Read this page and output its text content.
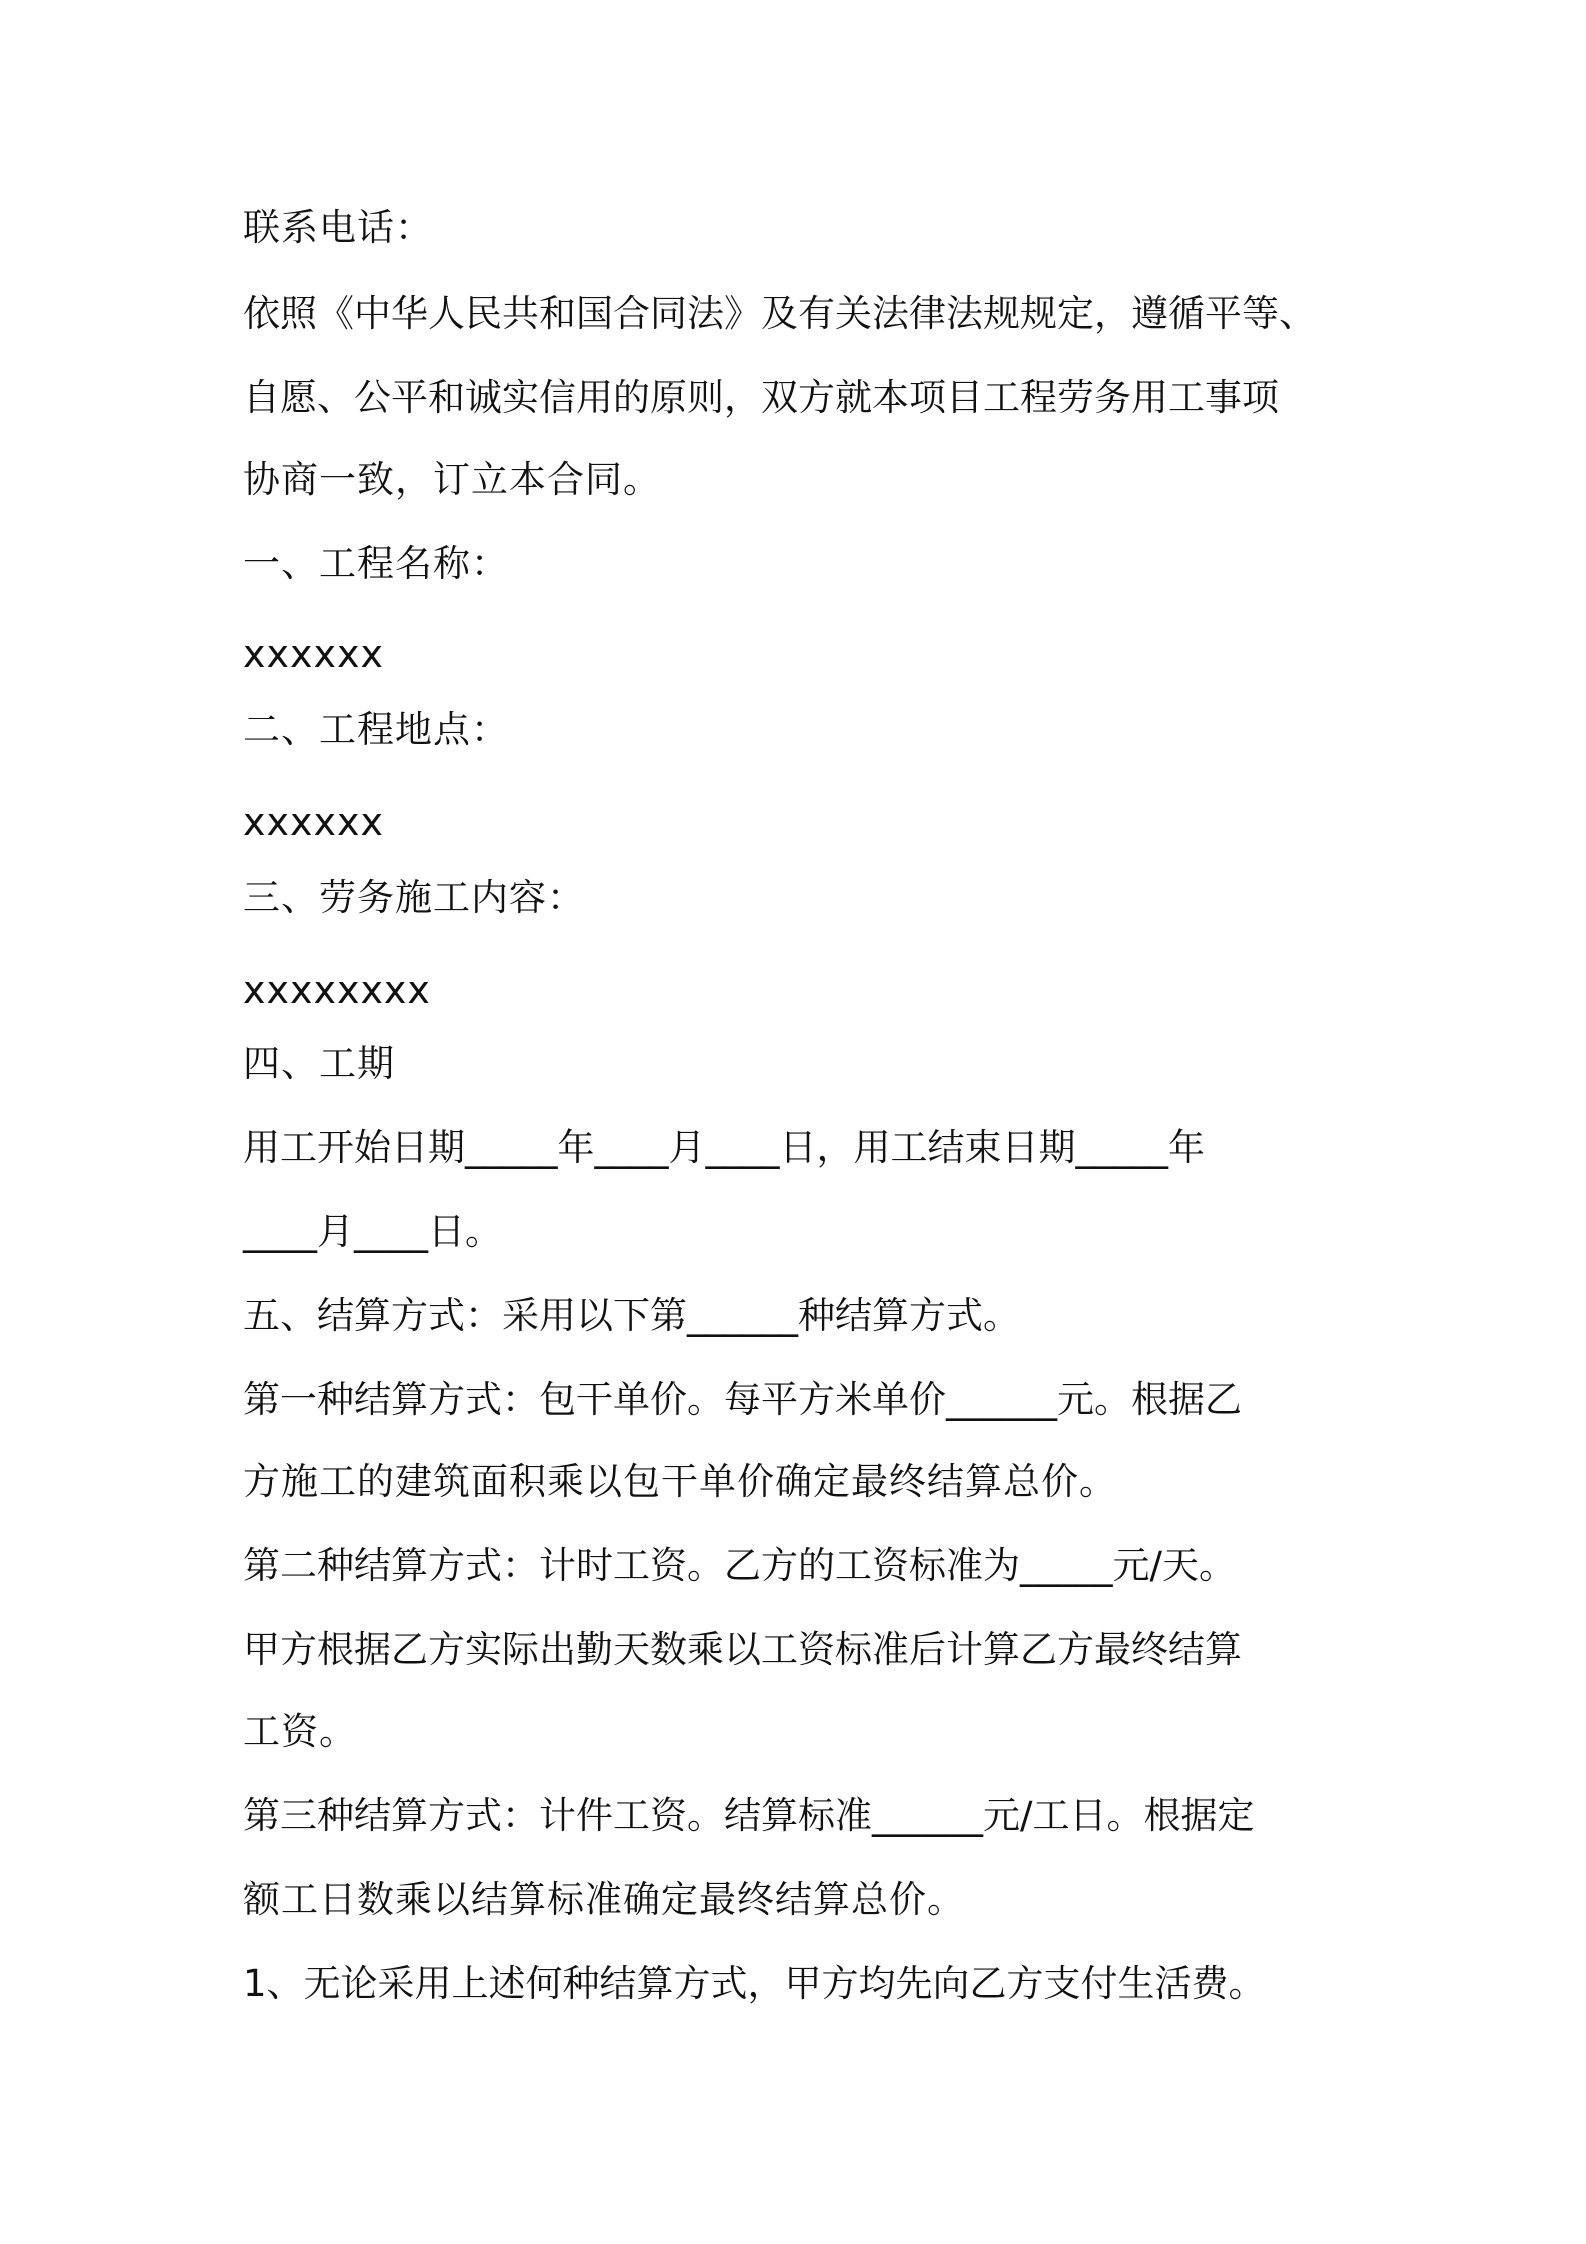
联系电话：
依照《中华人民共和国合同法》及有关法律法规规定，遵循平等、
自愿、公平和诚实信用的原则，双方就本项目工程劳务用工事项
协商一致，订立本合同。
一、工程名称：
xxxxxx
二、工程地点：
xxxxxx
三、劳务施工内容：
xxxxxxxx
四、工期
用工开始日期_____年____月____日，用工结束日期_____年
____月____日。
五、结算方式：采用以下第______种结算方式。
第一种结算方式：包干单价。每平方米单价______元。根据乙
方施工的建筑面积乘以包干单价确定最终结算总价。
第二种结算方式：计时工资。乙方的工资标准为_____元/天。
甲方根据乙方实际出勤天数乘以工资标准后计算乙方最终结算
工资。
第三种结算方式：计件工资。结算标准______元/工日。根据定
额工日数乘以结算标准确定最终结算总价。
1、无论采用上述何种结算方式，甲方均先向乙方支付生活费。
